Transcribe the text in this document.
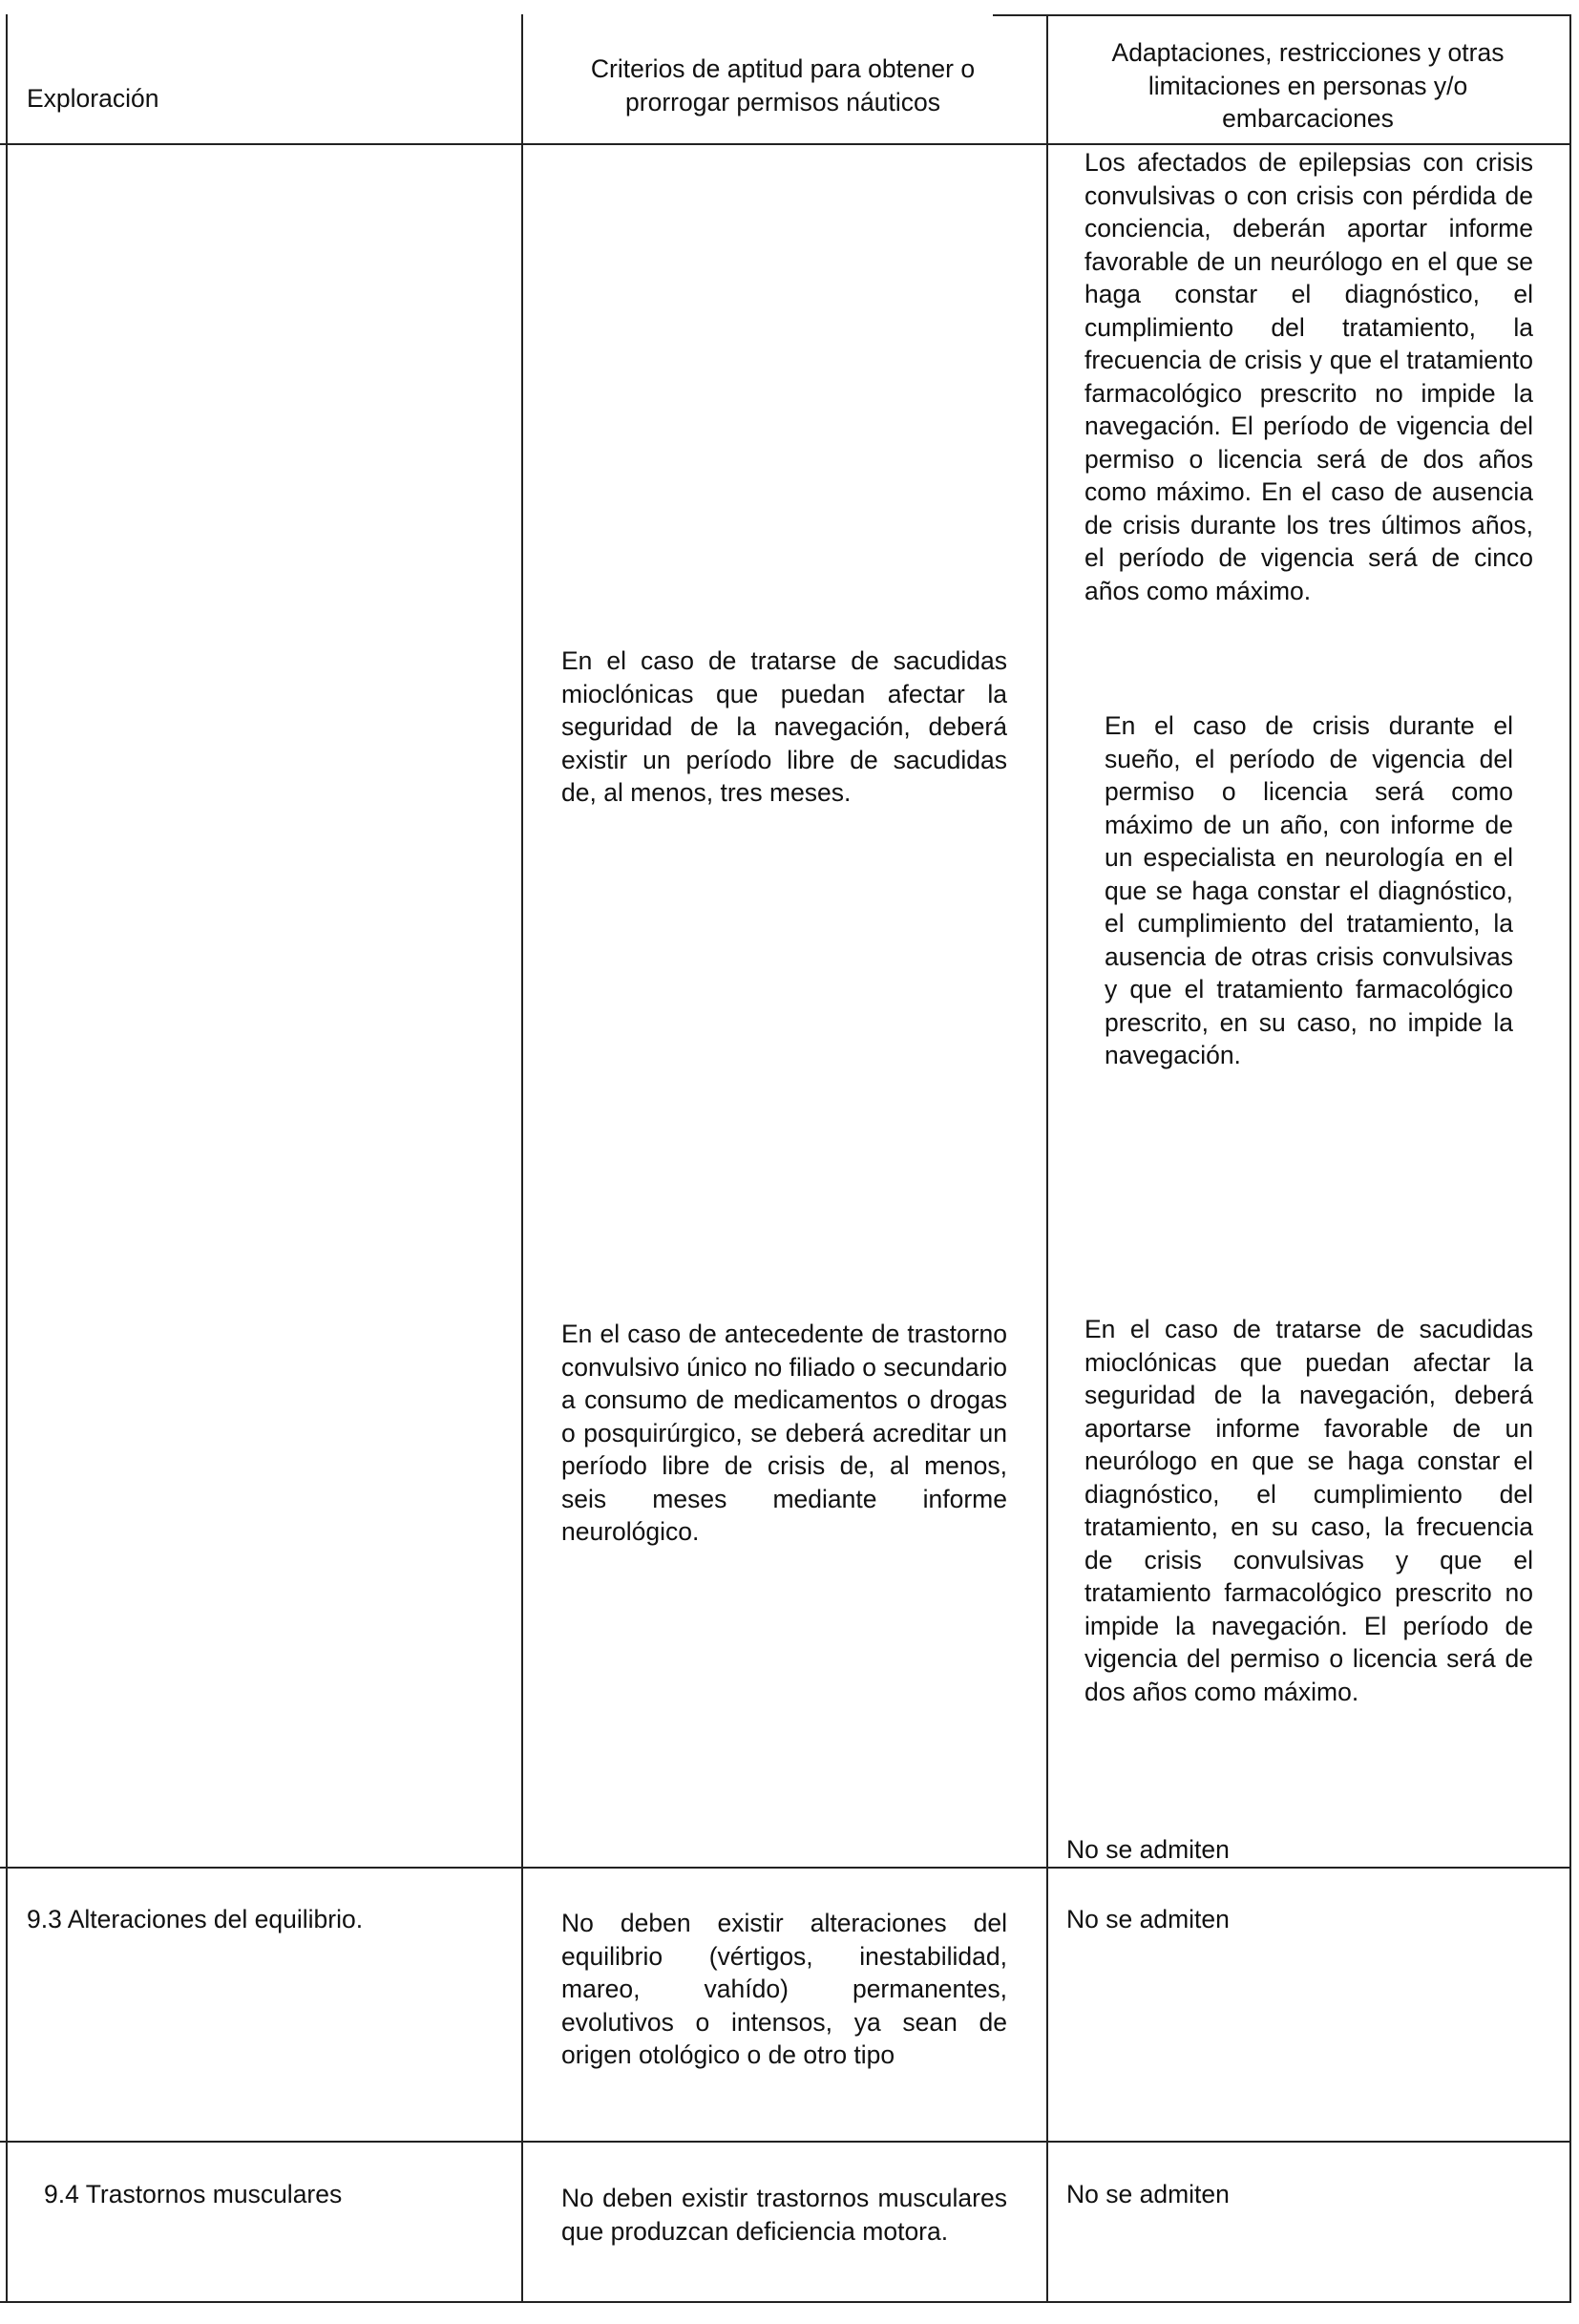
Exploración
Criterios de aptitud para obtener o prorrogar permisos náuticos
Adaptaciones, restricciones y otras limitaciones en personas y/o embarcaciones
Los afectados de epilepsias con crisis convulsivas o con crisis con pérdida de conciencia, deberán aportar informe favorable de un neurólogo en el que se haga constar el diagnóstico, el cumplimiento del tratamiento, la frecuencia de crisis y que el tratamiento farmacológico prescrito no impide la navegación. El período de vigencia del permiso o licencia será de dos años como máximo. En el caso de ausencia de crisis durante los tres últimos años, el período de vigencia será de cinco años como máximo.
En el caso de tratarse de sacudidas mioclónicas que puedan afectar la seguridad de la navegación, deberá existir un período libre de sacudidas de, al menos, tres meses.
En el caso de crisis durante el sueño, el período de vigencia del permiso o licencia será como máximo de un año, con informe de un especialista en neurología en el que se haga constar el diagnóstico, el cumplimiento del tratamiento, la ausencia de otras crisis convulsivas y que el tratamiento farmacológico prescrito, en su caso, no impide la navegación.
En el caso de antecedente de trastorno convulsivo único no filiado o secundario a consumo de medicamentos o drogas o posquirúrgico, se deberá acreditar un período libre de crisis de, al menos, seis meses mediante informe neurológico.
En el caso de tratarse de sacudidas mioclónicas que puedan afectar la seguridad de la navegación, deberá aportarse informe favorable de un neurólogo en que se haga constar el diagnóstico, el cumplimiento del tratamiento, en su caso, la frecuencia de crisis convulsivas y que el tratamiento farmacológico prescrito no impide la navegación. El período de vigencia del permiso o licencia será de dos años como máximo.
No se admiten
9.3 Alteraciones del equilibrio.	No deben existir alteraciones del equilibrio (vértigos, inestabilidad, mareo, vahído) permanentes, evolutivos o intensos, ya sean de origen otológico o de otro tipo
No se admiten
9.4 Trastornos musculares	No deben existir trastornos musculares que produzcan deficiencia motora.
No se admiten
